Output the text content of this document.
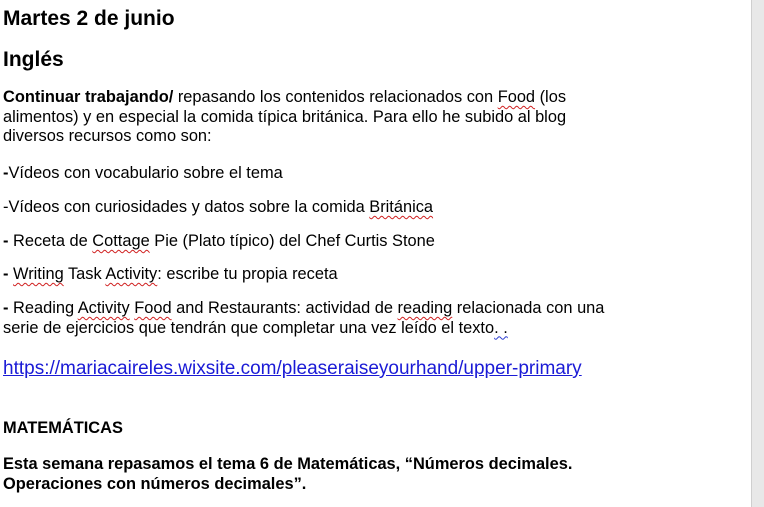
Martes 2 de junio
Inglés
Continuar trabajando/ repasando los contenidos relacionados con Food (los alimentos) y en especial la comida típica británica. Para ello he subido al blog diversos recursos como son:
-Vídeos con vocabulario sobre el tema
-Vídeos con curiosidades y datos sobre la comida Británica
- Receta de Cottage Pie (Plato típico) del Chef Curtis Stone
- Writing Task Activity: escribe tu propia receta
- Reading Activity Food and Restaurants: actividad de reading relacionada con una serie de ejercicios que tendrán que completar una vez leído el texto. .
https://mariacaireles.wixsite.com/pleaseraiseyourhand/upper-primary
MATEMÁTICAS
Esta semana repasamos el tema 6 de Matemáticas, “Números decimales. Operaciones con números decimales”.
